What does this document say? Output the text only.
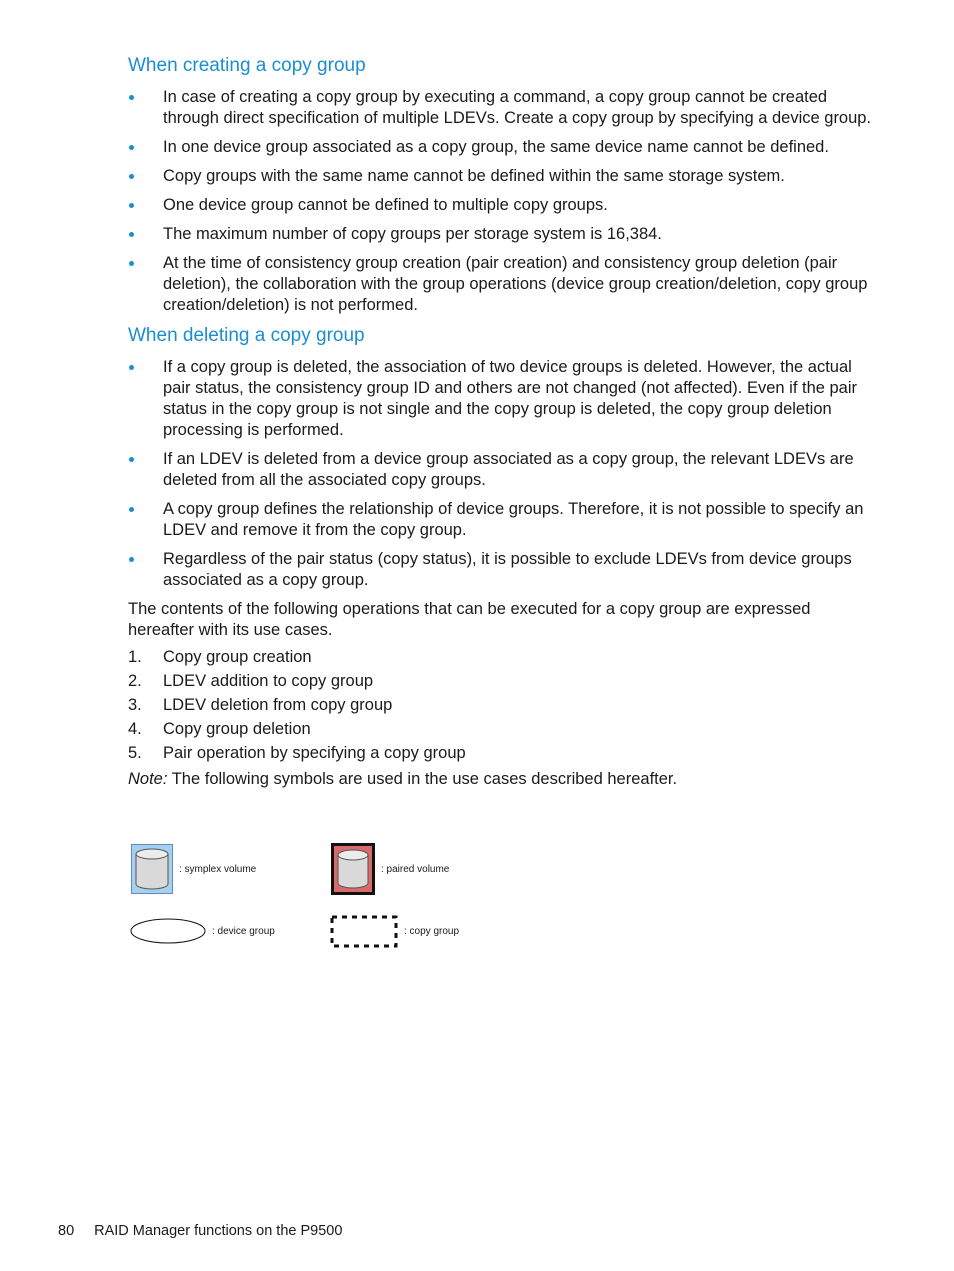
When creating a copy group
In case of creating a copy group by executing a command, a copy group cannot be created through direct specification of multiple LDEVs. Create a copy group by specifying a device group.
In one device group associated as a copy group, the same device name cannot be defined.
Copy groups with the same name cannot be defined within the same storage system.
One device group cannot be defined to multiple copy groups.
The maximum number of copy groups per storage system is 16,384.
At the time of consistency group creation (pair creation) and consistency group deletion (pair deletion), the collaboration with the group operations (device group creation/deletion, copy group creation/deletion) is not performed.
When deleting a copy group
If a copy group is deleted, the association of two device groups is deleted. However, the actual pair status, the consistency group ID and others are not changed (not affected). Even if the pair status in the copy group is not single and the copy group is deleted, the copy group deletion processing is performed.
If an LDEV is deleted from a device group associated as a copy group, the relevant LDEVs are deleted from all the associated copy groups.
A copy group defines the relationship of device groups. Therefore, it is not possible to specify an LDEV and remove it from the copy group.
Regardless of the pair status (copy status), it is possible to exclude LDEVs from device groups associated as a copy group.

The contents of the following operations that can be executed for a copy group are expressed hereafter with its use cases.

1. Copy group creation
2. LDEV addition to copy group
3. LDEV deletion from copy group
4. Copy group deletion
5. Pair operation by specifying a copy group

Note: The following symbols are used in the use cases described hereafter.

: symplex volume	: paired volume
: device group	: copy group
80 RAID Manager functions on the P9500
